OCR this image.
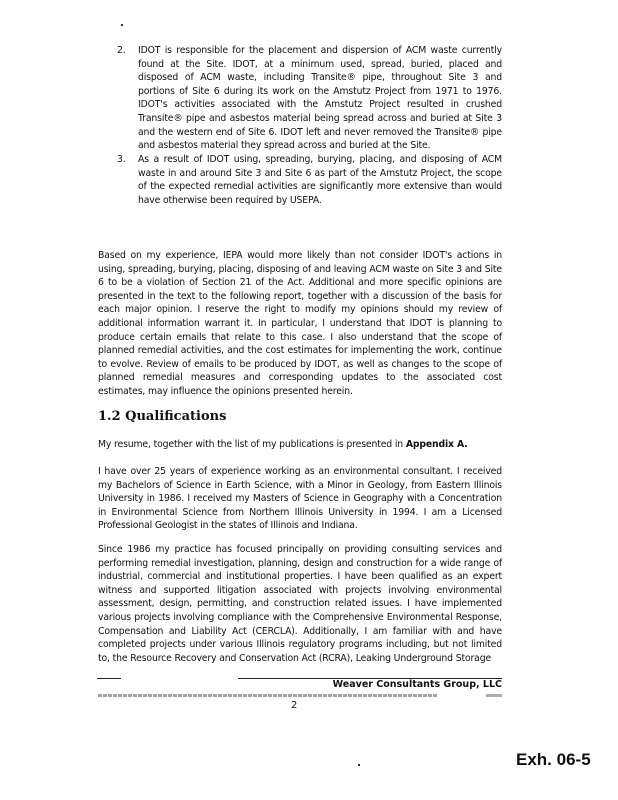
2. IDOT is responsible for the placement and dispersion of ACM waste currently found at the Site. IDOT, at a minimum used, spread, buried, placed and disposed of ACM waste, including Transite® pipe, throughout Site 3 and portions of Site 6 during its work on the Amstutz Project from 1971 to 1976. IDOT's activities associated with the Amstutz Project resulted in crushed Transite® pipe and asbestos material being spread across and buried at Site 3 and the western end of Site 6. IDOT left and never removed the Transite® pipe and asbestos material they spread across and buried at the Site.
3. As a result of IDOT using, spreading, burying, placing, and disposing of ACM waste in and around Site 3 and Site 6 as part of the Amstutz Project, the scope of the expected remedial activities are significantly more extensive than would have otherwise been required by USEPA.
Based on my experience, IEPA would more likely than not consider IDOT's actions in using, spreading, burying, placing, disposing of and leaving ACM waste on Site 3 and Site 6 to be a violation of Section 21 of the Act. Additional and more specific opinions are presented in the text to the following report, together with a discussion of the basis for each major opinion. I reserve the right to modify my opinions should my review of additional information warrant it. In particular, I understand that IDOT is planning to produce certain emails that relate to this case. I also understand that the scope of planned remedial activities, and the cost estimates for implementing the work, continue to evolve. Review of emails to be produced by IDOT, as well as changes to the scope of planned remedial measures and corresponding updates to the associated cost estimates, may influence the opinions presented herein.
1.2 Qualifications
My resume, together with the list of my publications is presented in Appendix A.
I have over 25 years of experience working as an environmental consultant. I received my Bachelors of Science in Earth Science, with a Minor in Geology, from Eastern Illinois University in 1986. I received my Masters of Science in Geography with a Concentration in Environmental Science from Northern Illinois University in 1994. I am a Licensed Professional Geologist in the states of Illinois and Indiana.
Since 1986 my practice has focused principally on providing consulting services and performing remedial investigation, planning, design and construction for a wide range of industrial, commercial and institutional properties. I have been qualified as an expert witness and supported litigation associated with projects involving environmental assessment, design, permitting, and construction related issues. I have implemented various projects involving compliance with the Comprehensive Environmental Response, Compensation and Liability Act (CERCLA). Additionally, I am familiar with and have completed projects under various Illinois regulatory programs including, but not limited to, the Resource Recovery and Conservation Act (RCRA), Leaking Underground Storage
Weaver Consultants Group, LLC
2
Exh. 06-5
